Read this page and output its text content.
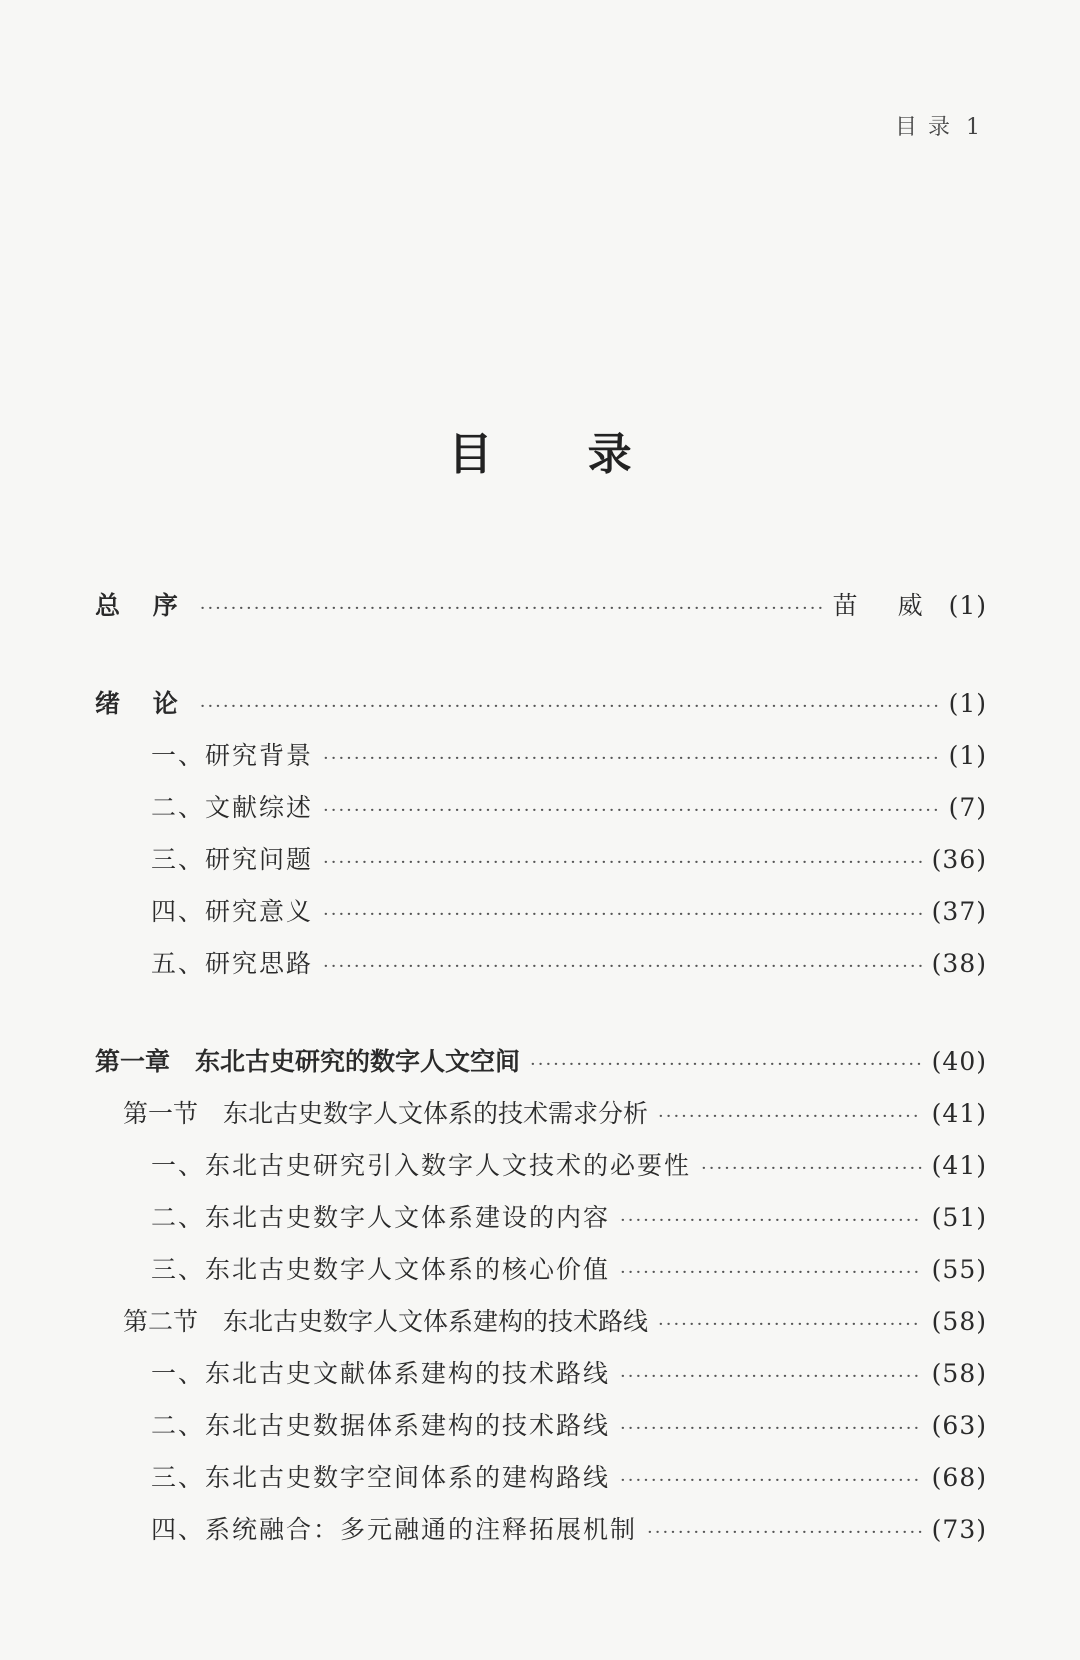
目 录 1
目 录
总 序 ·····	苗 威 (1)
绪 论 ·····	(1)
一、研究背景 ·····	(1)
二、文献综述 ·····	(7)
三、研究问题 ·····	(36)
四、研究意义 ·····	(37)
五、研究思路 ·····	(38)
第一章　东北古史研究的数字人文空间 ·····	(40)
第一节　东北古史数字人文体系的技术需求分析 ·····	(41)
一、东北古史研究引入数字人文技术的必要性 ·····	(41)
二、东北古史数字人文体系建设的内容 ·····	(51)
三、东北古史数字人文体系的核心价值 ·····	(55)
第二节　东北古史数字人文体系建构的技术路线 ·····	(58)
一、东北古史文献体系建构的技术路线 ·····	(58)
二、东北古史数据体系建构的技术路线 ·····	(63)
三、东北古史数字空间体系的建构路线 ·····	(68)
四、系统融合：多元融通的注释拓展机制 ·····	(73)
